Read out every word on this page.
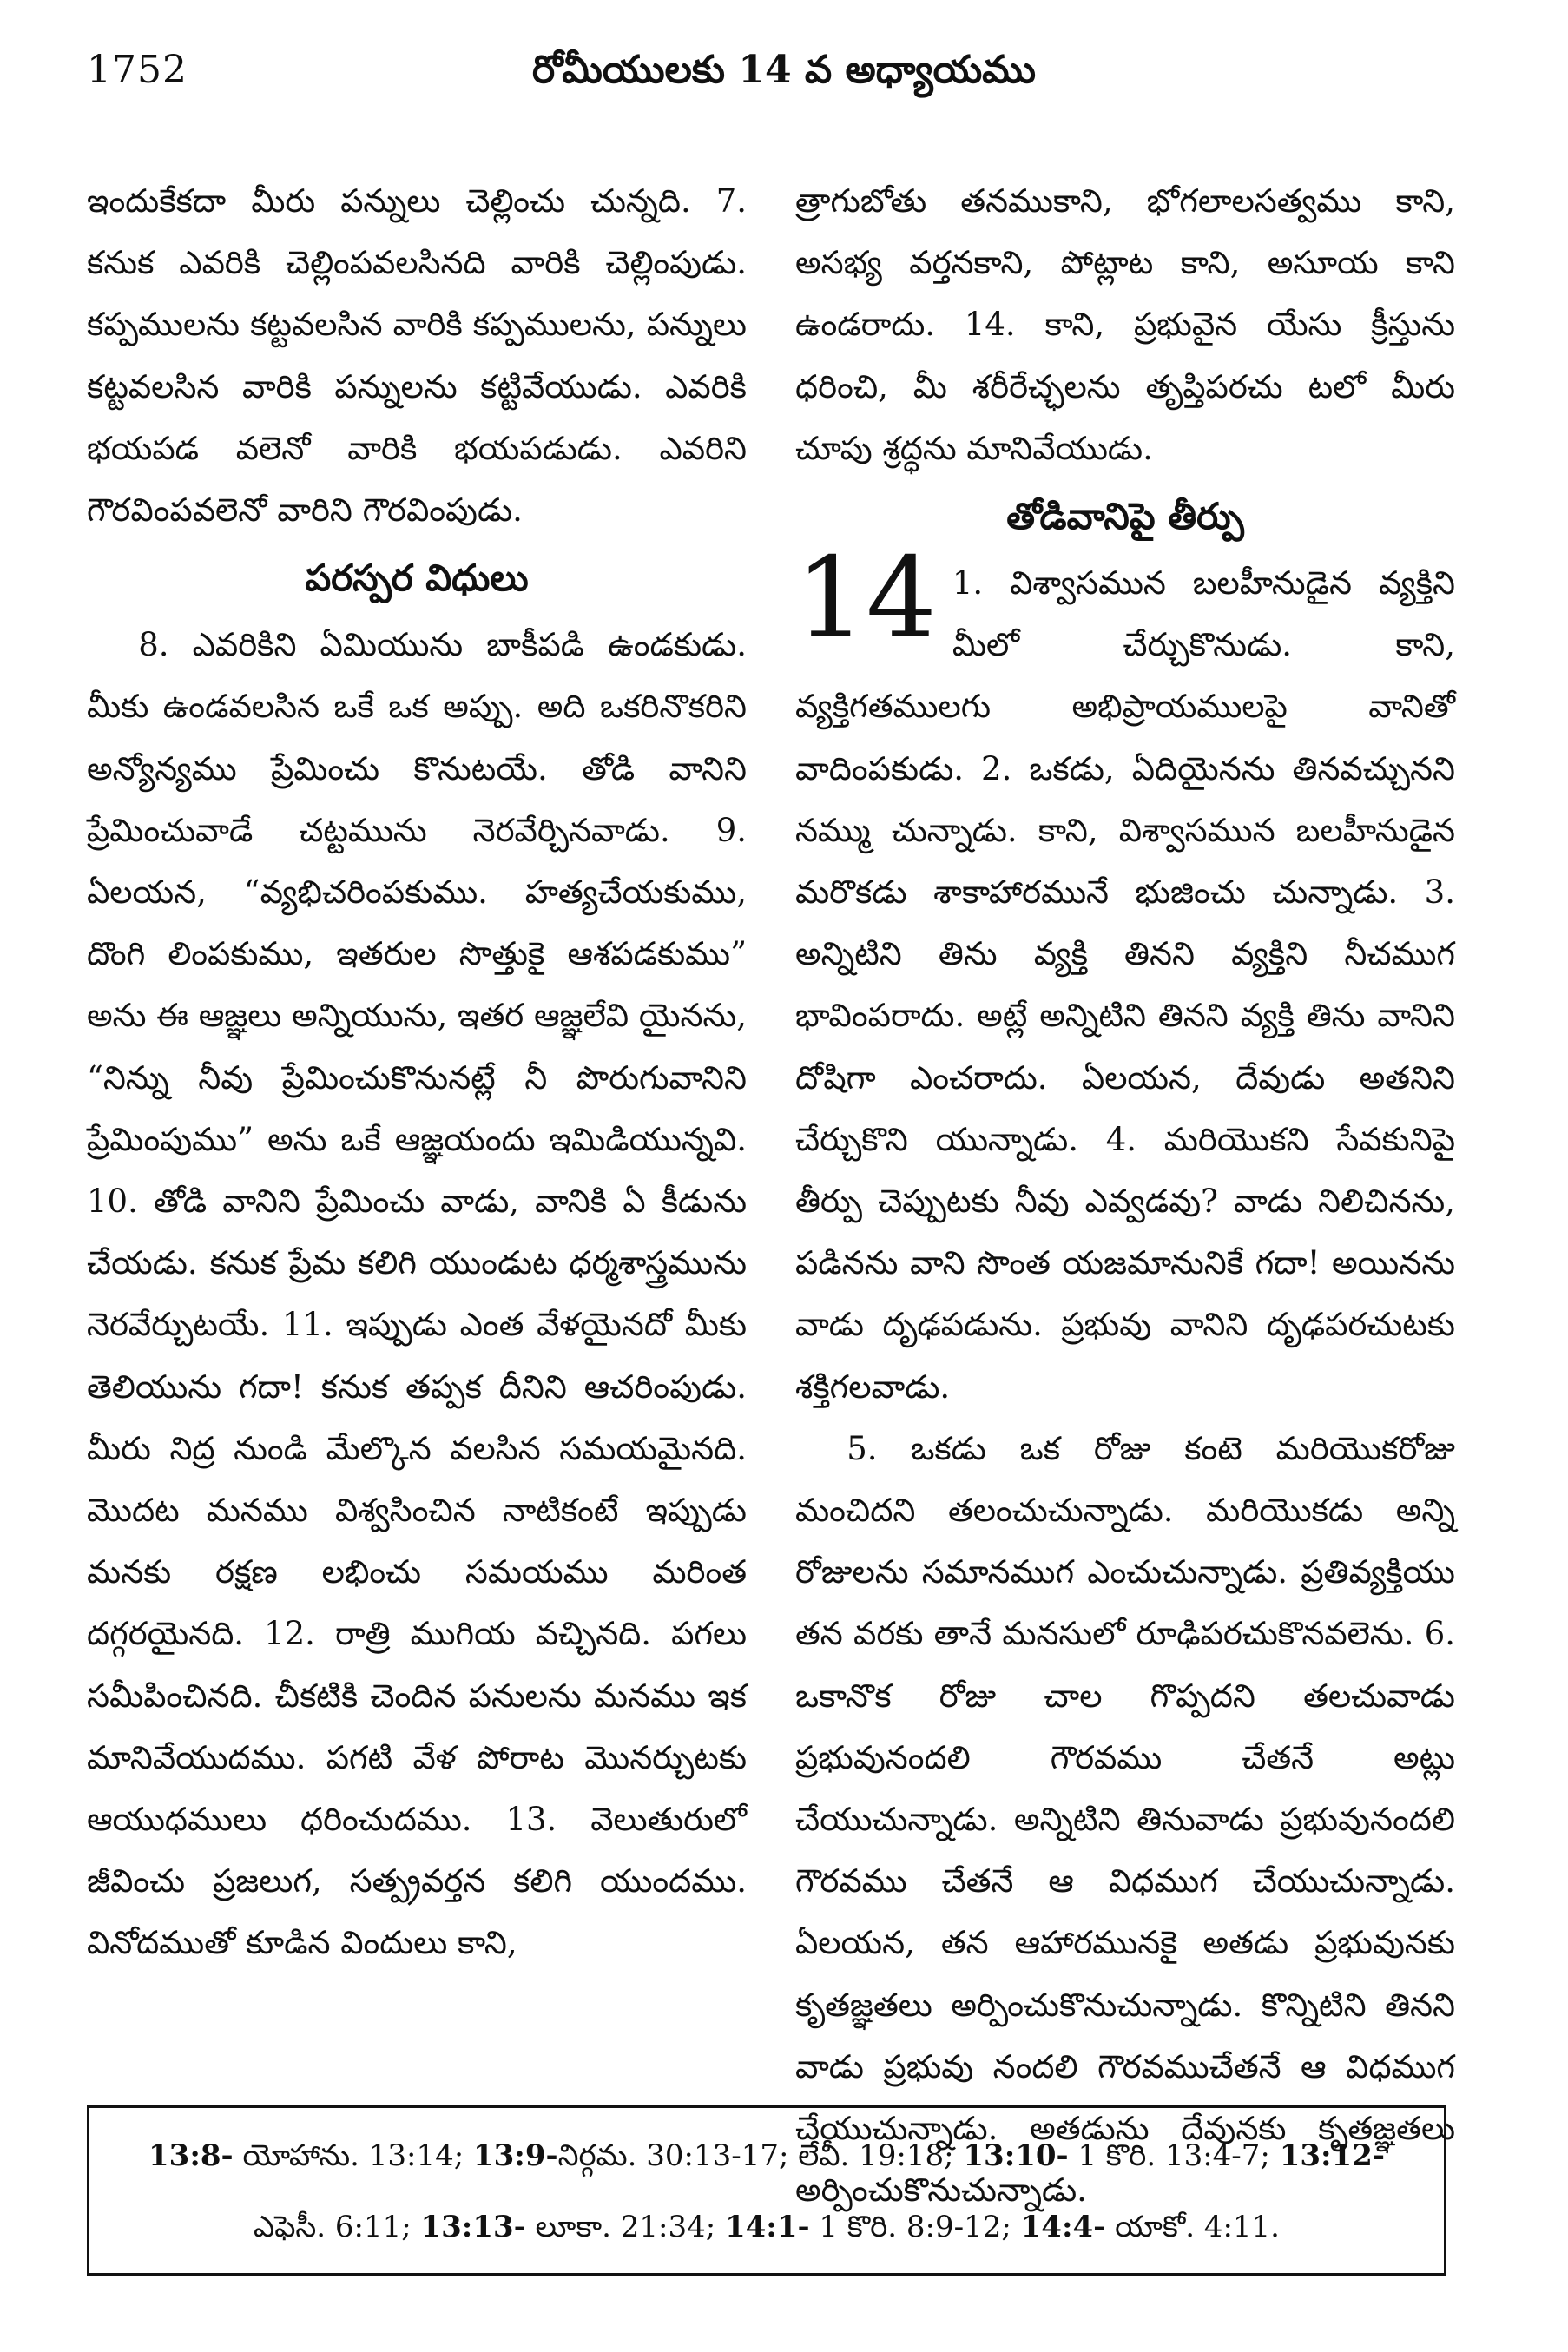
1752	రోమీయులకు 14 వ అధ్యాయము

ఇందుకేకదా మీరు పన్నులు చెల్లించు చున్నది. 7. కనుక ఎవరికి చెల్లింపవలసినది వారికి చెల్లింపుడు. కప్పములను కట్టవలసిన వారికి కప్పములను, పన్నులు కట్టవలసిన వారికి పన్నులను కట్టివేయుడు. ఎవరికి భయపడ వలెనో వారికి భయపడుడు. ఎవరిని గౌరవింపవలెనో వారిని గౌరవింపుడు.

పరస్పర విధులు

8. ఎవరికిని ఏమియును బాకీపడి ఉండకుడు. మీకు ఉండవలసిన ఒకే ఒక అప్పు. అది ఒకరినొకరిని అన్యోన్యము ప్రేమించు కొనుటయే. తోడి వానిని ప్రేమించువాడే చట్టమును నెరవేర్చినవాడు. 9. ఏలయన, “వ్యభిచరింపకుము. హత్యచేయకుము, దొంగి లింపకుము, ఇతరుల సొత్తుకై ఆశపడకుము” అను ఈ ఆజ్ఞలు అన్నియును, ఇతర ఆజ్ఞలేవి యైనను, “నిన్ను నీవు ప్రేమించుకొనునట్లే నీ పొరుగువానిని ప్రేమింపుము” అను ఒకే ఆజ్ఞయందు ఇమిడియున్నవి. 10. తోడి వానిని ప్రేమించు వాడు, వానికి ఏ కీడును చేయడు. కనుక ప్రేమ కలిగి యుండుట ధర్మశాస్త్రమును నెరవేర్చుటయే. 11. ఇప్పుడు ఎంత వేళయైనదో మీకు తెలియును గదా! కనుక తప్పక దీనిని ఆచరింపుడు. మీరు నిద్ర నుండి మేల్కొన వలసిన సమయమైనది. మొదట మనము విశ్వసించిన నాటికంటే ఇప్పుడు మనకు రక్షణ లభించు సమయము మరింత దగ్గరయైనది. 12. రాత్రి ముగియ వచ్చినది. పగలు సమీపించినది. చీకటికి చెందిన పనులను మనము ఇక మానివేయుదము. పగటి వేళ పోరాట మొనర్చుటకు ఆయుధములు ధరించుదము. 13. వెలుతురులో జీవించు ప్రజలుగ, సత్ప్రవర్తన కలిగి యుందము. వినోదముతో కూడిన విందులు కాని,

త్రాగుబోతు తనముకాని, భోగలాలసత్వము కాని, అసభ్య వర్తనకాని, పోట్లాట కాని, అసూయ కాని ఉండరాదు. 14. కాని, ప్రభువైన యేసు క్రీస్తును ధరించి, మీ శరీరేచ్ఛలను తృప్తిపరచు టలో మీరు చూపు శ్రద్ధను మానివేయుడు.

తోడివానిపై తీర్పు

14 1. విశ్వాసమున బలహీనుడైన వ్యక్తిని మీలో చేర్చుకొనుడు. కాని, వ్యక్తిగతములగు అభిప్రాయములపై వానితో వాదింపకుడు. 2. ఒకడు, ఏదియైనను తినవచ్చునని నమ్ము చున్నాడు. కాని, విశ్వాసమున బలహీనుడైన మరొకడు శాకాహారమునే భుజించు చున్నాడు. 3. అన్నిటిని తిను వ్యక్తి తినని వ్యక్తిని నీచముగ భావింపరాదు. అట్లే అన్నిటిని తినని వ్యక్తి తిను వానిని దోషిగా ఎంచరాదు. ఏలయన, దేవుడు అతనిని చేర్చుకొని యున్నాడు. 4. మరియొకని సేవకునిపై తీర్పు చెప్పుటకు నీవు ఎవ్వడవు? వాడు నిలిచినను, పడినను వాని సొంత యజమానునికే గదా! అయినను వాడు దృఢపడును. ప్రభువు వానిని దృఢపరచుటకు శక్తిగలవాడు.

5. ఒకడు ఒక రోజు కంటె మరియొకరోజు మంచిదని తలంచుచున్నాడు. మరియొకడు అన్ని రోజులను సమానముగ ఎంచుచున్నాడు. ప్రతివ్యక్తియు తన వరకు తానే మనసులో రూఢిపరచుకొనవలెను. 6. ఒకానొక రోజు చాల గొప్పదని తలచువాడు ప్రభువునందలి గౌరవము చేతనే అట్లు చేయుచున్నాడు. అన్నిటిని తినువాడు ప్రభువునందలి గౌరవము చేతనే ఆ విధముగ చేయుచున్నాడు. ఏలయన, తన ఆహారమునకై అతడు ప్రభువునకు కృతజ్ఞతలు అర్పించుకొనుచున్నాడు. కొన్నిటిని తినని వాడు ప్రభువు నందలి గౌరవముచేతనే ఆ విధముగ చేయుచున్నాడు. అతడును దేవునకు కృతజ్ఞతలు అర్పించుకొనుచున్నాడు.

13:8- యోహాను. 13:14; 13:9-నిర్గమ. 30:13-17; లేవీ. 19:18; 13:10- 1 కొరి. 13:4-7; 13:12- ఎఫెసీ. 6:11; 13:13- లూకా. 21:34; 14:1- 1 కొరి. 8:9-12; 14:4- యాకో. 4:11.
